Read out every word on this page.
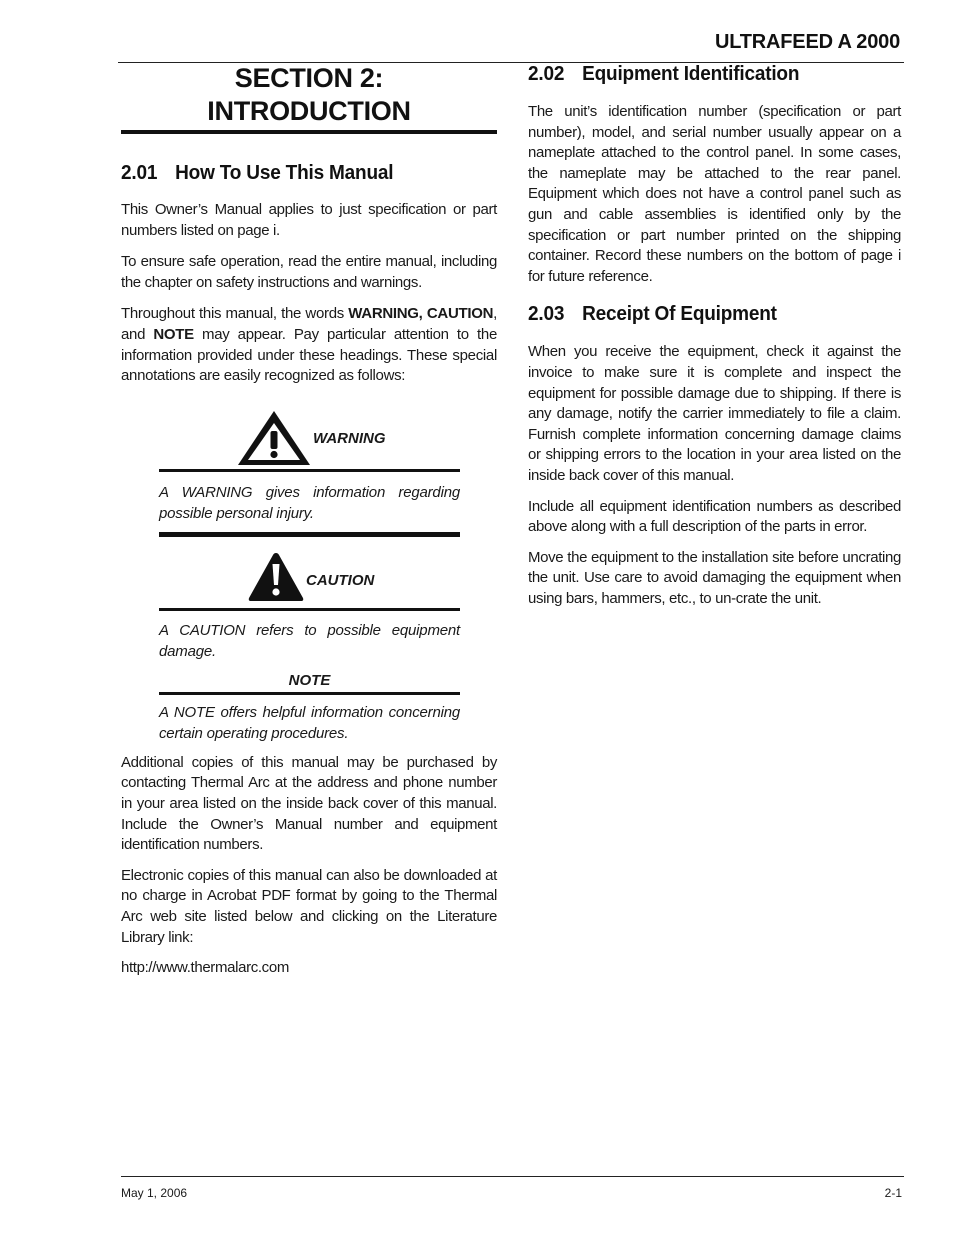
ULTRAFEED A 2000
SECTION 2:
INTRODUCTION
2.01 How To Use This Manual

This Owner’s Manual applies to just specification or part numbers listed on page i.

To ensure safe operation, read the entire manual, including the chapter on safety instructions and warnings.

Throughout this manual, the words WARNING, CAUTION, and NOTE may appear. Pay particular attention to the information provided under these headings. These special annotations are easily recognized as follows:

WARNING

A WARNING gives information regarding possible personal injury.

CAUTION

A CAUTION refers to possible equipment damage.

NOTE

A NOTE offers helpful information concerning certain operating procedures.

Additional copies of this manual may be purchased by contacting Thermal Arc at the address and phone number in your area listed on the inside back cover of this manual. Include the Owner’s Manual number and equipment identification numbers.

Electronic copies of this manual can also be downloaded at no charge in Acrobat PDF format by going to the Thermal Arc web site listed below and clicking on the Literature Library link:

http://www.thermalarc.com

2.02 Equipment Identification

The unit’s identification number (specification or part number), model, and serial number usually appear on a nameplate attached to the control panel. In some cases, the nameplate may be attached to the rear panel. Equipment which does not have a control panel such as gun and cable assemblies is identified only by the specification or part number printed on the shipping container. Record these numbers on the bottom of page i for future reference.

2.03 Receipt Of Equipment

When you receive the equipment, check it against the invoice to make sure it is complete and inspect the equipment for possible damage due to shipping. If there is any damage, notify the carrier immediately to file a claim. Furnish complete information concerning damage claims or shipping errors to the location in your area listed on the inside back cover of this manual.

Include all equipment identification numbers as described above along with a full description of the parts in error.

Move the equipment to the installation site before uncrating the unit. Use care to avoid damaging the equipment when using bars, hammers, etc., to un-crate the unit.

May 1, 2006	2-1
